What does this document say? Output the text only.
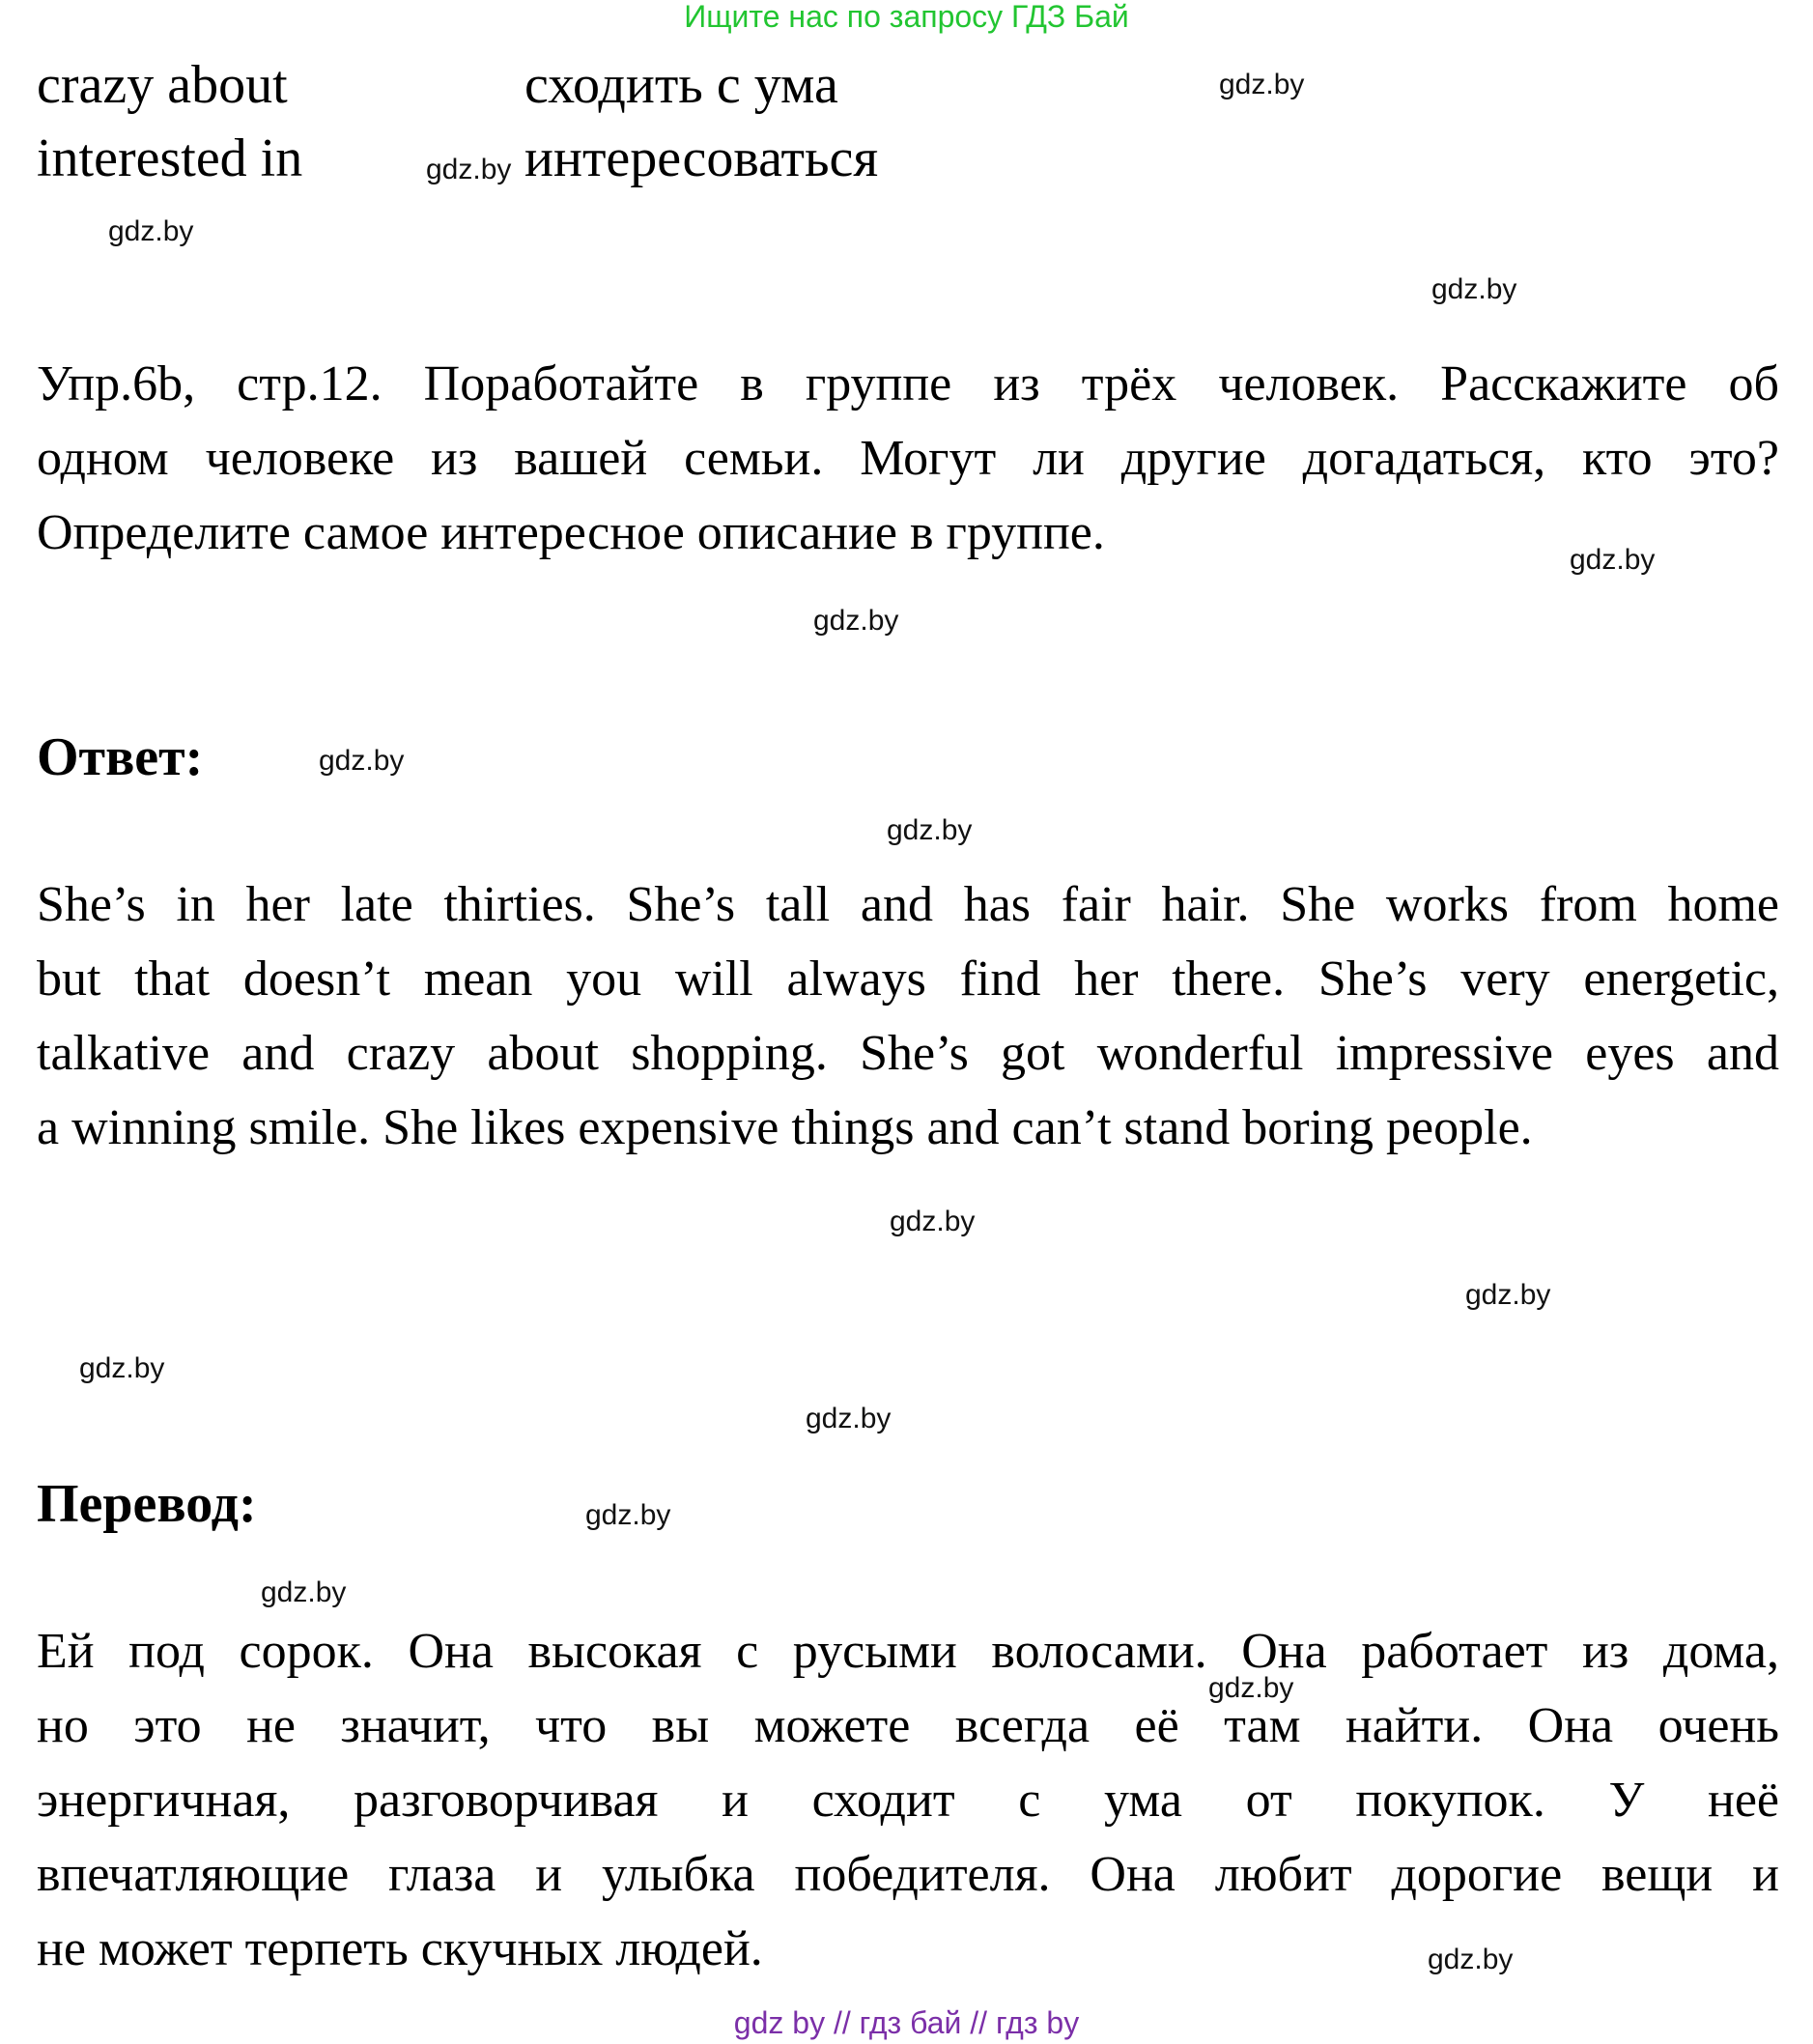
Ищите нас по запросу ГДЗ Бай
crazy about	сходить с ума
interested in	интересоваться
Упр.6b, стр.12. Поработайте в группе из трёх человек. Расскажите об
одном человеке из вашей семьи. Могут ли другие догадаться, кто это?
Определите самое интересное описание в группе.
Ответ:
She’s in her late thirties. She’s tall and has fair hair. She works from home
but that doesn’t mean you will always find her there. She’s very energetic,
talkative and crazy about shopping. She’s got wonderful impressive eyes and
a winning smile. She likes expensive things and can’t stand boring people.
Перевод:
Ей под сорок. Она высокая с русыми волосами. Она работает из дома,
но это не значит, что вы можете всегда её там найти. Она очень
энергичная, разговорчивая и сходит с ума от покупок. У неё
впечатляющие глаза и улыбка победителя. Она любит дорогие вещи и
не может терпеть скучных людей.
gdz.by
gdz.by
gdz.by
gdz.by
gdz.by
gdz.by
gdz.by
gdz.by
gdz.by
gdz.by
gdz.by
gdz.by
gdz.by
gdz.by
gdz.by
gdz.by
gdz by // гдз бай // гдз by
